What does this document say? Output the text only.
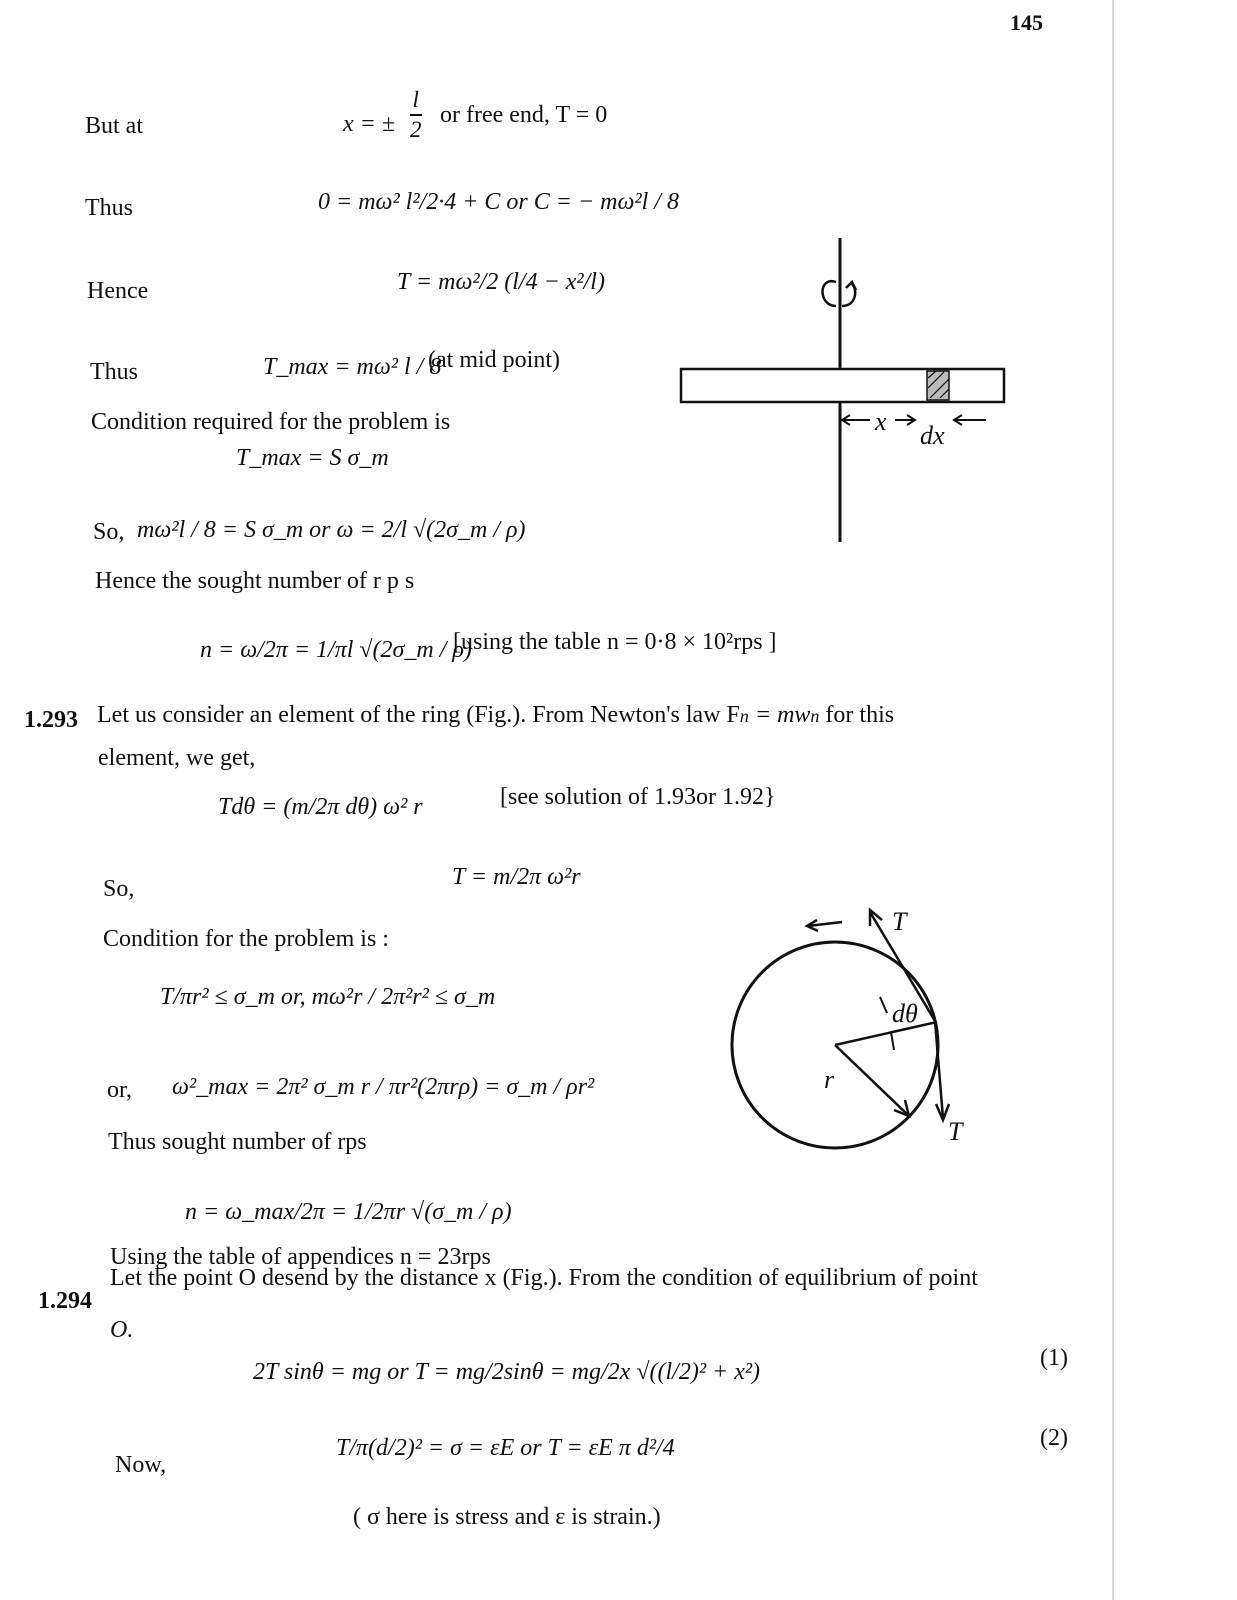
145
But at	x = ±
l
2
or free end, T = 0
Thus	0 = mω² l²/2·4 + C or C = − mω²l / 8
Hence	T = mω²/2 (l/4 − x²/l)
Thus	T_max = mω² l / 8
(at mid point)
Condition required for the problem is
T_max = S σ_m
So, mω²l / 8 = S σ_m or ω = 2/l √(2σ_m / ρ)
Hence the sought number of r p s
n = ω/2π = 1/πl √(2σ_m / ρ)
[using the table n = 0·8 × 10²rps ]
x dx
1.293 Let us consider an element of the ring (Fig.). From Newton's law Fn = mwn for this
element, we get,
Tdθ = (m/2π dθ) ω² r	[see solution of 1.93or 1.92}
So,	T = m/2π ω²r
Condition for the problem is :
T/πr² ≤ σ_m or, mω²r / 2π²r² ≤ σ_m
or, ω²_max = 2π² σ_m r / πr²(2πrρ) = σ_m / ρr²
Thus sought number of rps
n = ω_max/2π = 1/2πr √(σ_m / ρ)
Using the table of appendices n = 23rps
T
T
dθ
r
1.294
Let the point O desend by the distance x (Fig.). From the condition of equilibrium of point
O.
2T sinθ = mg or T = mg/2sinθ = mg/2x √((l/2)² + x²)
(1)
Now,
T/π(d/2)² = σ = εE or T = εE π d²/4	(2)
( σ here is stress and ε is strain.)
